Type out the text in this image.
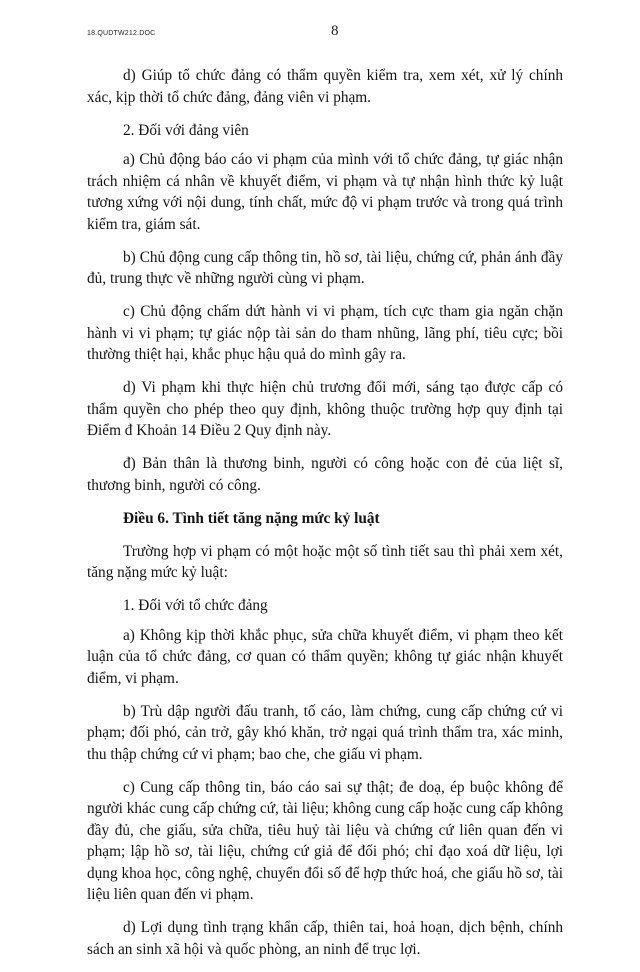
18.QUDTW212.DOC	8

d) Giúp tổ chức đảng có thẩm quyền kiểm tra, xem xét, xử lý chính xác, kịp thời tổ chức đảng, đảng viên vi phạm.

2. Đối với đảng viên

a) Chủ động báo cáo vi phạm của mình với tổ chức đảng, tự giác nhận trách nhiệm cá nhân về khuyết điểm, vi phạm và tự nhận hình thức kỷ luật tương xứng với nội dung, tính chất, mức độ vi phạm trước và trong quá trình kiểm tra, giám sát.

b) Chủ động cung cấp thông tin, hồ sơ, tài liệu, chứng cứ, phản ánh đầy đủ, trung thực về những người cùng vi phạm.

c) Chủ động chấm dứt hành vi vi phạm, tích cực tham gia ngăn chặn hành vi vi phạm; tự giác nộp tài sản do tham nhũng, lãng phí, tiêu cực; bồi thường thiệt hại, khắc phục hậu quả do mình gây ra.

d) Vi phạm khi thực hiện chủ trương đổi mới, sáng tạo được cấp có thẩm quyền cho phép theo quy định, không thuộc trường hợp quy định tại Điểm đ Khoản 14 Điều 2 Quy định này.

đ) Bản thân là thương binh, người có công hoặc con đẻ của liệt sĩ, thương binh, người có công.

Điều 6. Tình tiết tăng nặng mức kỷ luật

Trường hợp vi phạm có một hoặc một số tình tiết sau thì phải xem xét, tăng nặng mức kỷ luật:

1. Đối với tổ chức đảng

a) Không kịp thời khắc phục, sửa chữa khuyết điểm, vi phạm theo kết luận của tổ chức đảng, cơ quan có thẩm quyền; không tự giác nhận khuyết điểm, vi phạm.

b) Trù dập người đấu tranh, tố cáo, làm chứng, cung cấp chứng cứ vi phạm; đối phó, cản trở, gây khó khăn, trở ngại quá trình thẩm tra, xác minh, thu thập chứng cứ vi phạm; bao che, che giấu vi phạm.

c) Cung cấp thông tin, báo cáo sai sự thật; đe doạ, ép buộc không để người khác cung cấp chứng cứ, tài liệu; không cung cấp hoặc cung cấp không đầy đủ, che giấu, sửa chữa, tiêu huỷ tài liệu và chứng cứ liên quan đến vi phạm; lập hồ sơ, tài liệu, chứng cứ giả để đối phó; chỉ đạo xoá dữ liệu, lợi dụng khoa học, công nghệ, chuyển đổi số để hợp thức hoá, che giấu hồ sơ, tài liệu liên quan đến vi phạm.

d) Lợi dụng tình trạng khẩn cấp, thiên tai, hoả hoạn, dịch bệnh, chính sách an sinh xã hội và quốc phòng, an ninh để trục lợi.
